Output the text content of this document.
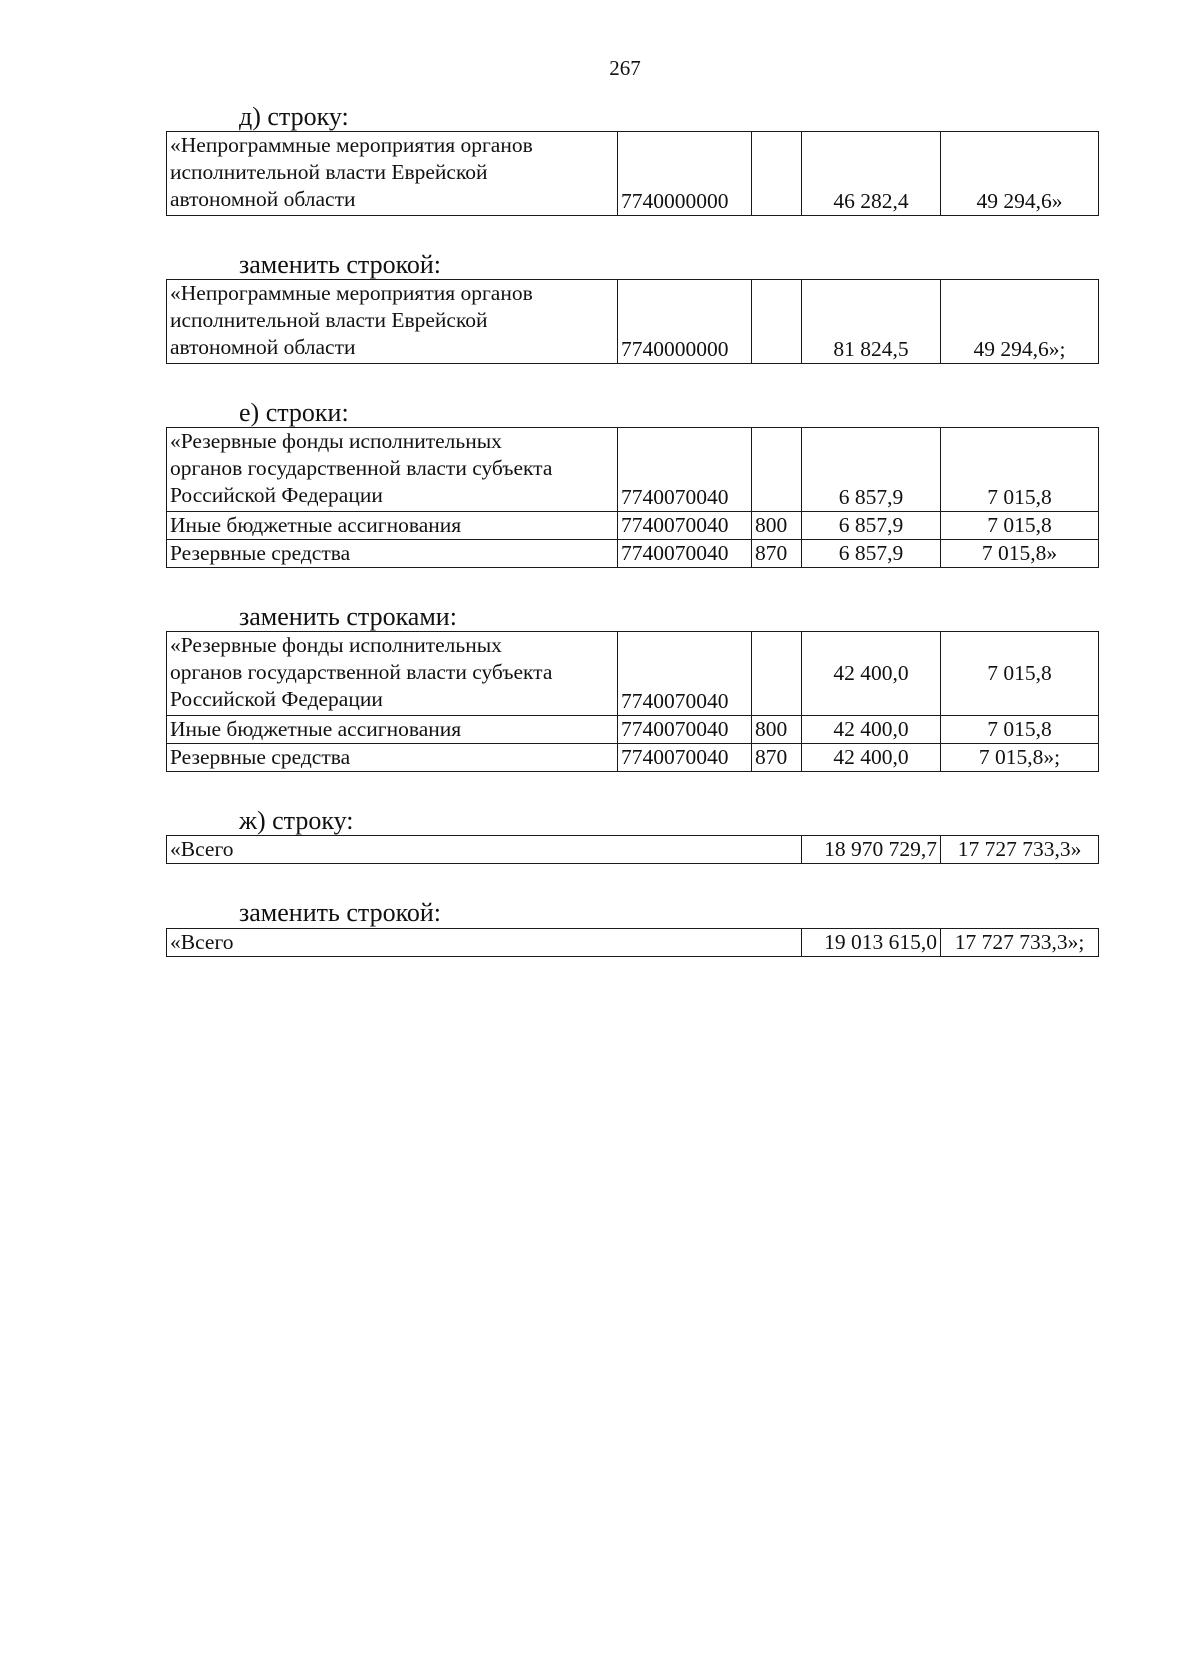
267
д) строку:
«Непрограммные мероприятия органов
исполнительной власти Еврейской
автономной области	7740000000		46 282,4	49 294,6»
заменить строкой:
«Непрограммные мероприятия органов
исполнительной власти Еврейской
автономной области	7740000000		81 824,5	49 294,6»;
е) строки:
«Резервные фонды исполнительных
органов государственной власти субъекта
Российской Федерации	7740070040		6 857,9	7 015,8
Иные бюджетные ассигнования	7740070040	800	6 857,9	7 015,8
Резервные средства	7740070040	870	6 857,9	7 015,8»
заменить строками:
«Резервные фонды исполнительных
органов государственной власти субъекта
Российской Федерации	7740070040		42 400,0	7 015,8
Иные бюджетные ассигнования	7740070040	800	42 400,0	7 015,8
Резервные средства	7740070040	870	42 400,0	7 015,8»;
ж) строку:
«Всего	18 970 729,7	17 727 733,3»
заменить строкой:
«Всего	19 013 615,0	17 727 733,3»;
